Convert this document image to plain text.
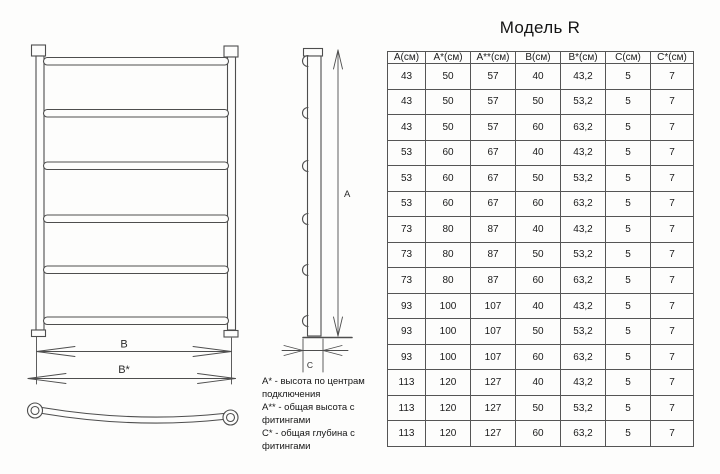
B
B*
A
C
Модель R
А(см)	А*(см)	А**(см)	В(см)	В*(см)	С(см)	С*(см)
43	50	57	40	43,2	5	7
43	50	57	50	53,2	5	7
43	50	57	60	63,2	5	7
53	60	67	40	43,2	5	7
53	60	67	50	53,2	5	7
53	60	67	60	63,2	5	7
73	80	87	40	43,2	5	7
73	80	87	50	53,2	5	7
73	80	87	60	63,2	5	7
93	100	107	40	43,2	5	7
93	100	107	50	53,2	5	7
93	100	107	60	63,2	5	7
113	120	127	40	43,2	5	7
113	120	127	50	53,2	5	7
113	120	127	60	63,2	5	7
А* - высота по центрам подключения
А** - общая высота с фитингами
С* - общая глубина с фитингами
